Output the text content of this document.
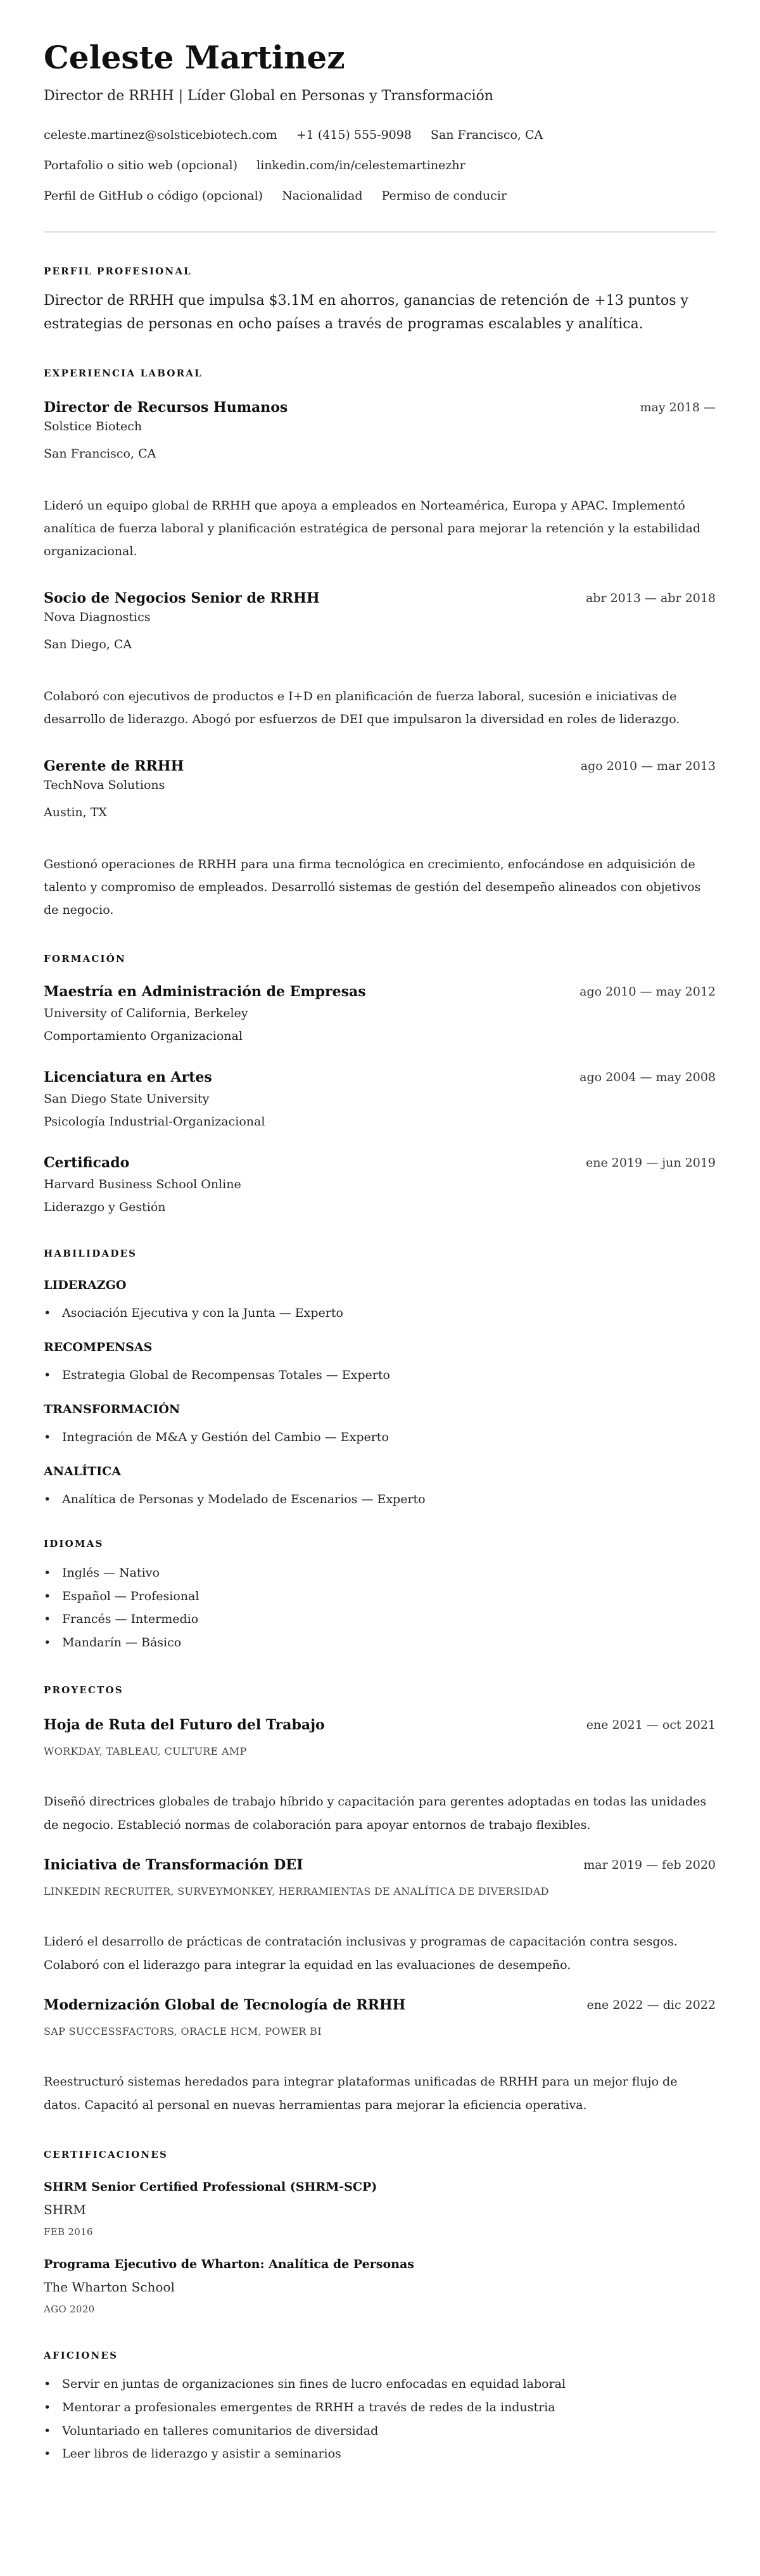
Celeste Martinez
Director de RRHH | Líder Global en Personas y Transformación
celeste.martinez@solsticebiotech.com +1 (415) 555-9098 San Francisco, CA
Portafolio o sitio web (opcional) linkedin.com/in/celestemartinezhr
Perfil de GitHub o código (opcional) Nacionalidad Permiso de conducir
PERFIL PROFESIONAL

Director de RRHH que impulsa $3.1M en ahorros, ganancias de retención de +13 puntos y estrategias de personas en ocho países a través de programas escalables y analítica.

EXPERIENCIA LABORAL
Director de Recursos Humanos	may 2018 —
Solstice Biotech
San Francisco, CA

Lideró un equipo global de RRHH que apoya a empleados en Norteamérica, Europa y APAC. Implementó analítica de fuerza laboral y planificación estratégica de personal para mejorar la retención y la estabilidad organizacional.

Socio de Negocios Senior de RRHH	abr 2013 — abr 2018
Nova Diagnostics
San Diego, CA

Colaboró con ejecutivos de productos e I+D en planificación de fuerza laboral, sucesión e iniciativas de desarrollo de liderazgo. Abogó por esfuerzos de DEI que impulsaron la diversidad en roles de liderazgo.

Gerente de RRHH	ago 2010 — mar 2013
TechNova Solutions
Austin, TX

Gestionó operaciones de RRHH para una firma tecnológica en crecimiento, enfocándose en adquisición de talento y compromiso de empleados. Desarrolló sistemas de gestión del desempeño alineados con objetivos de negocio.

FORMACIÓN
Maestría en Administración de Empresas	ago 2010 — may 2012
University of California, Berkeley
Comportamiento Organizacional
Licenciatura en Artes	ago 2004 — may 2008
San Diego State University
Psicología Industrial-Organizacional
Certificado	ene 2019 — jun 2019
Harvard Business School Online
Liderazgo y Gestión
HABILIDADES
LIDERAZGO
• Asociación Ejecutiva y con la Junta — Experto
RECOMPENSAS
• Estrategia Global de Recompensas Totales — Experto
TRANSFORMACIÓN
• Integración de M&A y Gestión del Cambio — Experto
ANALÍTICA
• Analítica de Personas y Modelado de Escenarios — Experto
IDIOMAS
• Inglés — Nativo
• Español — Profesional
• Francés — Intermedio
• Mandarín — Básico
PROYECTOS
Hoja de Ruta del Futuro del Trabajo	ene 2021 — oct 2021
WORKDAY, TABLEAU, CULTURE AMP

Diseñó directrices globales de trabajo híbrido y capacitación para gerentes adoptadas en todas las unidades de negocio. Estableció normas de colaboración para apoyar entornos de trabajo flexibles.

Iniciativa de Transformación DEI	mar 2019 — feb 2020
LINKEDIN RECRUITER, SURVEYMONKEY, HERRAMIENTAS DE ANALÍTICA DE DIVERSIDAD

Lideró el desarrollo de prácticas de contratación inclusivas y programas de capacitación contra sesgos. Colaboró con el liderazgo para integrar la equidad en las evaluaciones de desempeño.

Modernización Global de Tecnología de RRHH	ene 2022 — dic 2022
SAP SUCCESSFACTORS, ORACLE HCM, POWER BI

Reestructuró sistemas heredados para integrar plataformas unificadas de RRHH para un mejor flujo de datos. Capacitó al personal en nuevas herramientas para mejorar la eficiencia operativa.

CERTIFICACIONES
SHRM Senior Certified Professional (SHRM-SCP)
SHRM
FEB 2016
Programa Ejecutivo de Wharton: Analítica de Personas
The Wharton School
AGO 2020
AFICIONES
• Servir en juntas de organizaciones sin fines de lucro enfocadas en equidad laboral
• Mentorar a profesionales emergentes de RRHH a través de redes de la industria
• Voluntariado en talleres comunitarios de diversidad
• Leer libros de liderazgo y asistir a seminarios
